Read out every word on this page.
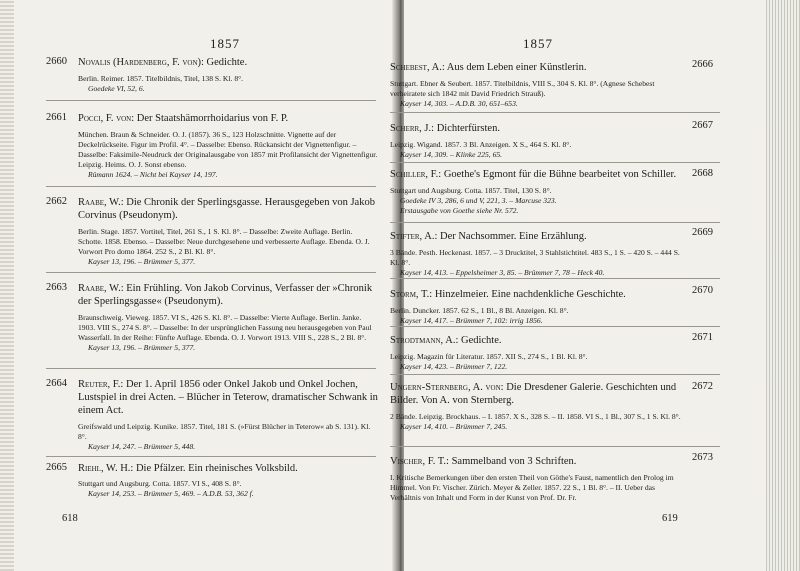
1857
2660 Novalis (Hardenberg, F. von): Gedichte.
Berlin. Reimer. 1857. Titelbildnis, Titel, 138 S. Kl. 8°.
Goedeke VI, 52, 6.
2661 Pocci, F. von: Der Staatshämorrhoidarius von F. P.
München. Braun & Schneider. O. J. (1857). 36 S., 123 Holzschnitte. Vignette auf der Deckelrückseite. Figur im Profil. 4°. – Dasselbe: Ebenso. Rückansicht der Vignettenfigur. – Dasselbe: Faksimile-Neudruck der Originalausgabe von 1857 mit Profilansicht der Vignettenfigur. Leipzig. Heims. O. J. Sonst ebenso.
Rümann 1624. – Nicht bei Kayser 14, 197.
2662 Raabe, W.: Die Chronik der Sperlingsgasse. Herausgegeben von Jakob Corvinus (Pseudonym).
Berlin. Stage. 1857. Vortitel, Titel, 261 S., 1 S. Kl. 8°. – Dasselbe: Zweite Auflage. Berlin. Schotte. 1858. Ebenso. – Dasselbe: Neue durchgesehene und verbesserte Auflage. Ebenda. O. J. Vorwort Pro domo 1864. 252 S., 2 Bl. Kl. 8°.
Kayser 13, 196. – Brümmer 5, 377.
2663 Raabe, W.: Ein Frühling. Von Jakob Corvinus, Verfasser der »Chronik der Sperlingsgasse« (Pseudonym).
Braunschweig. Vieweg. 1857. VI S., 426 S. Kl. 8°. – Dasselbe: Vierte Auflage. Berlin. Janke. 1903. VIII S., 274 S. 8°. – Dasselbe: In der ursprünglichen Fassung neu herausgegeben von Paul Wasserfall. In der Reihe: Fünfte Auflage. Ebenda. O. J. Vorwort 1913. VIII S., 228 S., 2 Bl. 8°.
Kayser 13, 196. – Brümmer 5, 377.
2664 Reuter, F.: Der 1. April 1856 oder Onkel Jakob und Onkel Jochen, Lustspiel in drei Acten. – Blücher in Teterow, dramatischer Schwank in einem Act.
Greifswald und Leipzig. Kunike. 1857. Titel, 181 S. (»Fürst Blücher in Teterow« ab S. 131). Kl. 8°.
Kayser 14, 247. – Brümmer 5, 448.
2665 Riehl, W. H.: Die Pfälzer. Ein rheinisches Volksbild.
Stuttgart und Augsburg. Cotta. 1857. VI S., 408 S. 8°.
Kayser 14, 253. – Brümmer 5, 469. – A.D.B. 53, 362 f.
618
1857
2666
Schebest, A.: Aus dem Leben einer Künstlerin.
Stuttgart. Ebner & Seubert. 1857. Titelbildnis, VIII S., 304 S. Kl. 8°. (Agnese Schebest verheiratete sich 1842 mit David Friedrich Strauß).
Kayser 14, 303. – A.D.B. 30, 651–653.
2667
Scherr, J.: Dichterfürsten.
Leipzig. Wigand. 1857. 3 Bl. Anzeigen. X S., 464 S. Kl. 8°.
Kayser 14, 309. – Klinke 225, 65.
2668
Schiller, F.: Goethe's Egmont für die Bühne bearbeitet von Schiller.
Stuttgart und Augsburg. Cotta. 1857. Titel, 130 S. 8°.
Goedeke IV 3, 286, 6 und V, 221, 3. – Marcuse 323.
Erstausgabe von Goethe siehe Nr. 572.
2669
Stifter, A.: Der Nachsommer. Eine Erzählung.
3 Bände. Pesth. Heckenast. 1857. – 3 Drucktitel, 3 Stahlstichtitel. 483 S., 1 S. – 420 S. – 444 S. Kl. 8°.
Kayser 14, 413. – Eppelsheimer 3, 85. – Brümmer 7, 78 – Heck 40.
2670
Storm, T.: Hinzelmeier. Eine nachdenkliche Geschichte.
Berlin. Duncker. 1857. 62 S., 1 Bl., 8 Bl. Anzeigen. Kl. 8°.
Kayser 14, 417. – Brümmer 7, 102: irrig 1856.
2671
Strodtmann, A.: Gedichte.
Leipzig. Magazin für Literatur. 1857. XII S., 274 S., 1 Bl. Kl. 8°.
Kayser 14, 423. – Brümmer 7, 122.
2672
Ungern-Sternberg, A. von: Die Dresdener Galerie. Geschichten und Bilder. Von A. von Sternberg.
2 Bände. Leipzig. Brockhaus. – I. 1857. X S., 328 S. – II. 1858. VI S., 1 Bl., 307 S., 1 S. Kl. 8°.
Kayser 14, 410. – Brümmer 7, 245.
2673
Vischer, F. T.: Sammelband von 3 Schriften.
I. Kritische Bemerkungen über den ersten Theil von Göthe's Faust, namentlich den Prolog im Himmel. Von Fr. Vischer. Zürich. Meyer & Zeller. 1857. 22 S., 1 Bl. 8°. – II. Ueber das Verhältnis von Inhalt und Form in der Kunst von Prof. Dr. Fr.
619
